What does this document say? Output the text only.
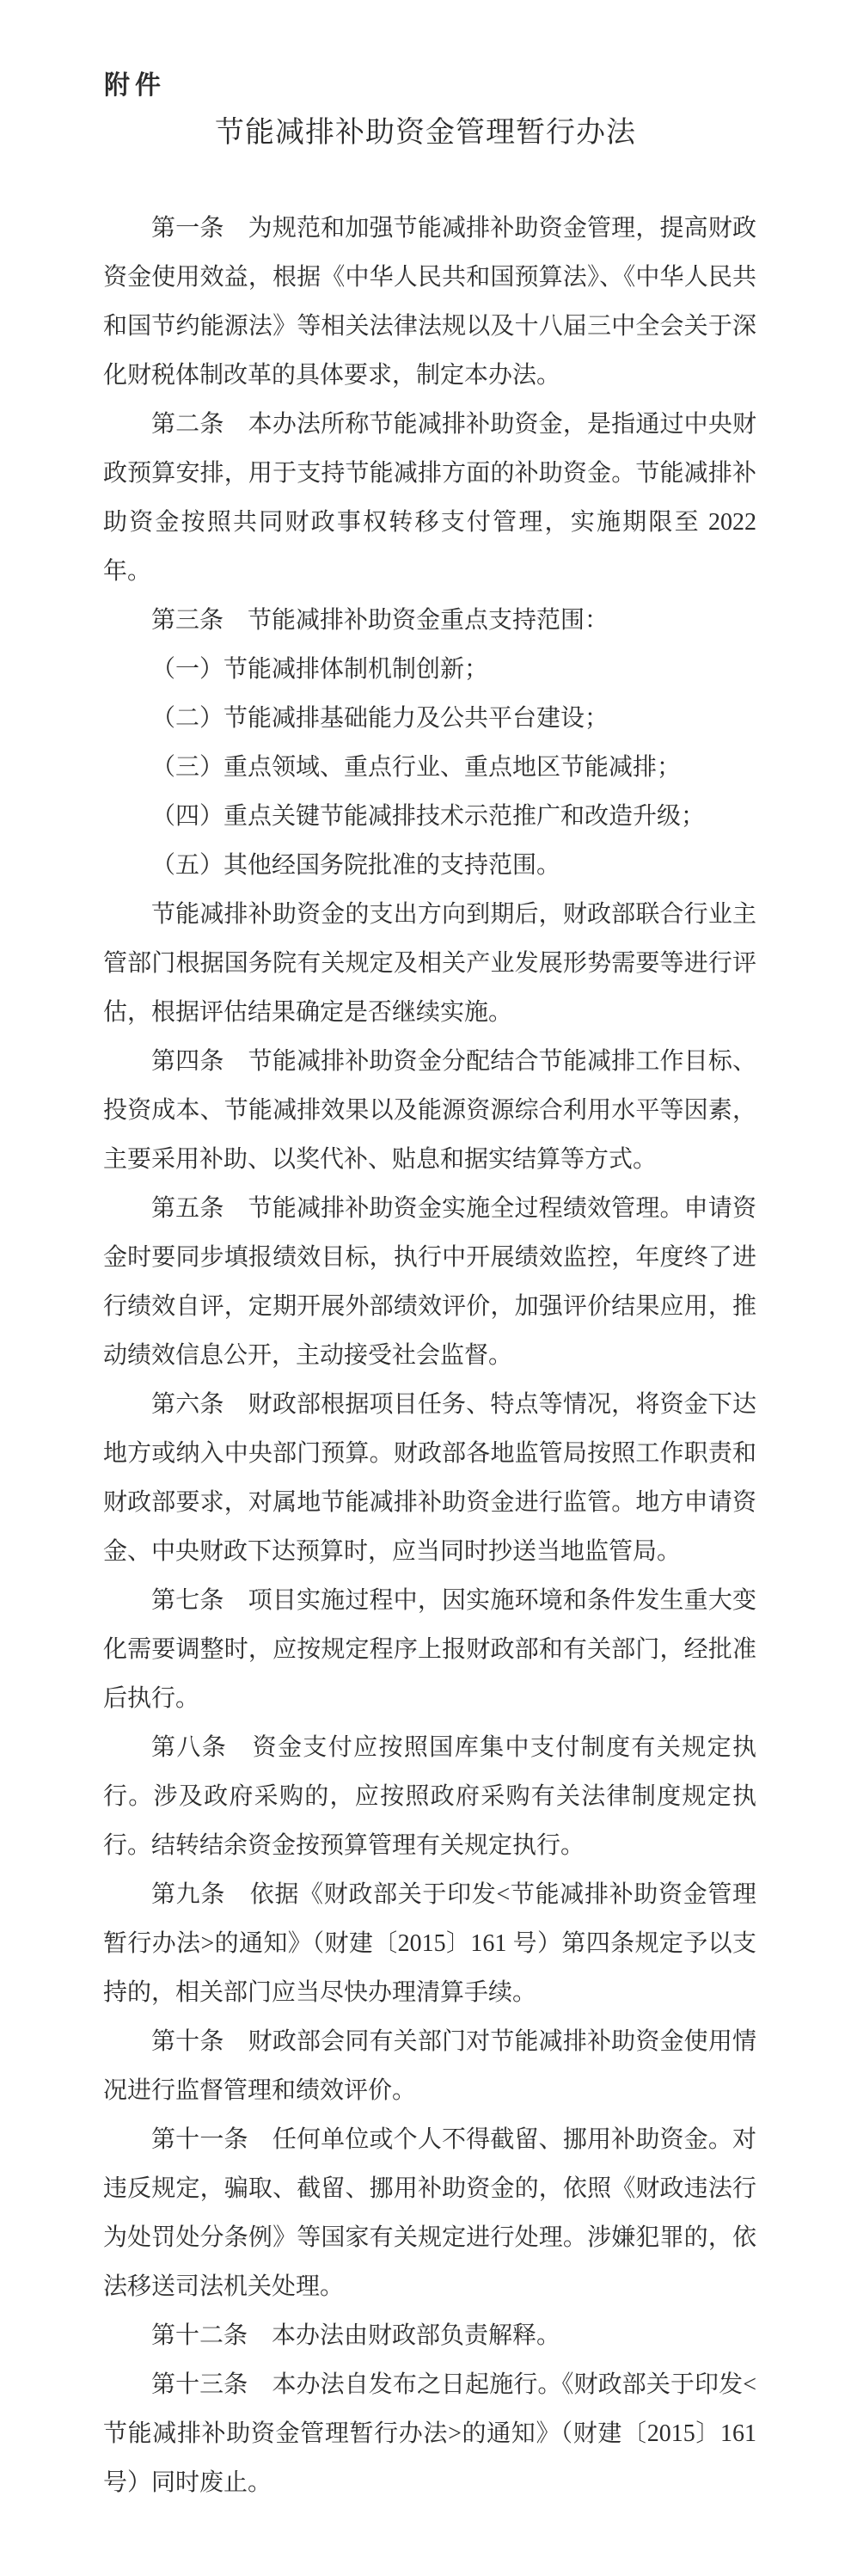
附件
节能减排补助资金管理暂行办法

第一条　为规范和加强节能减排补助资金管理，提高财政资金使用效益，根据《中华人民共和国预算法》、《中华人民共和国节约能源法》等相关法律法规以及十八届三中全会关于深化财税体制改革的具体要求，制定本办法。

第二条　本办法所称节能减排补助资金，是指通过中央财政预算安排，用于支持节能减排方面的补助资金。节能减排补助资金按照共同财政事权转移支付管理，实施期限至 2022 年。

第三条　节能减排补助资金重点支持范围：

（一）节能减排体制机制创新；

（二）节能减排基础能力及公共平台建设；

（三）重点领域、重点行业、重点地区节能减排；

（四）重点关键节能减排技术示范推广和改造升级；

（五）其他经国务院批准的支持范围。

节能减排补助资金的支出方向到期后，财政部联合行业主管部门根据国务院有关规定及相关产业发展形势需要等进行评估，根据评估结果确定是否继续实施。

第四条　节能减排补助资金分配结合节能减排工作目标、投资成本、节能减排效果以及能源资源综合利用水平等因素，主要采用补助、以奖代补、贴息和据实结算等方式。

第五条　节能减排补助资金实施全过程绩效管理。申请资金时要同步填报绩效目标，执行中开展绩效监控，年度终了进行绩效自评，定期开展外部绩效评价，加强评价结果应用，推动绩效信息公开，主动接受社会监督。

第六条　财政部根据项目任务、特点等情况，将资金下达地方或纳入中央部门预算。财政部各地监管局按照工作职责和财政部要求，对属地节能减排补助资金进行监管。地方申请资金、中央财政下达预算时，应当同时抄送当地监管局。

第七条　项目实施过程中，因实施环境和条件发生重大变化需要调整时，应按规定程序上报财政部和有关部门，经批准后执行。

第八条　资金支付应按照国库集中支付制度有关规定执行。涉及政府采购的，应按照政府采购有关法律制度规定执行。结转结余资金按预算管理有关规定执行。

第九条　依据《财政部关于印发<节能减排补助资金管理暂行办法>的通知》（财建〔2015〕161 号）第四条规定予以支持的，相关部门应当尽快办理清算手续。

第十条　财政部会同有关部门对节能减排补助资金使用情况进行监督管理和绩效评价。

第十一条　任何单位或个人不得截留、挪用补助资金。对违反规定，骗取、截留、挪用补助资金的，依照《财政违法行为处罚处分条例》等国家有关规定进行处理。涉嫌犯罪的，依法移送司法机关处理。

第十二条　本办法由财政部负责解释。

第十三条　本办法自发布之日起施行。《财政部关于印发<节能减排补助资金管理暂行办法>的通知》（财建〔2015〕161 号）同时废止。
